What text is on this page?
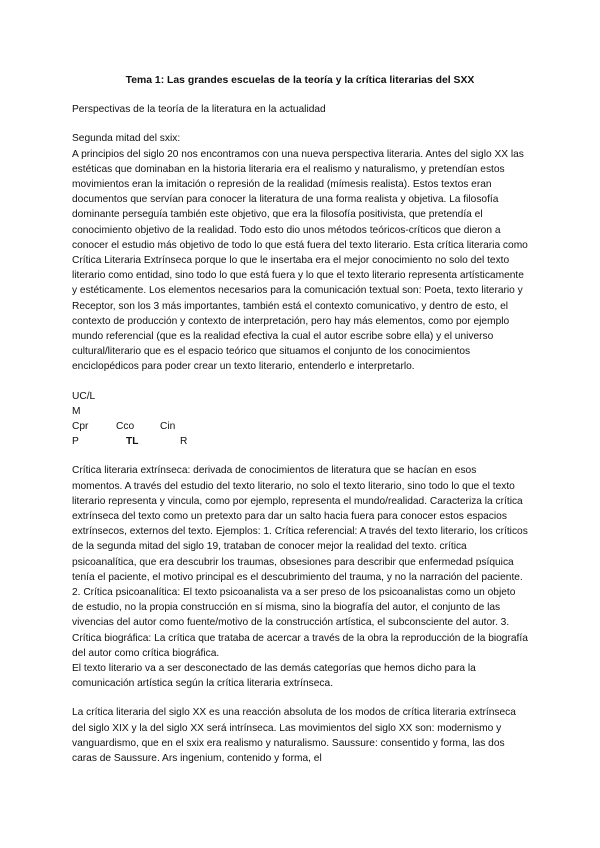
Tema 1: Las grandes escuelas de la teoría y la crítica literarias del SXX

Perspectivas de la teoría de la literatura en la actualidad

Segunda mitad del sxix:

A principios del siglo 20 nos encontramos con una nueva perspectiva literaria. Antes del siglo XX las estéticas que dominaban en la historia literaria era el realismo y naturalismo, y pretendían estos movimientos eran la imitación o represión de la realidad (mímesis realista). Estos textos eran documentos que servían para conocer la literatura de una forma realista y objetiva. La filosofía dominante perseguía también este objetivo, que era la filosofía positivista, que pretendía el conocimiento objetivo de la realidad. Todo esto dio unos métodos teóricos-críticos que dieron a conocer el estudio más objetivo de todo lo que está fuera del texto literario. Esta crítica literaria como Crítica Literaria Extrínseca porque lo que le insertaba era el mejor conocimiento no solo del texto literario como entidad, sino todo lo que está fuera y lo que el texto literario representa artísticamente y estéticamente. Los elementos necesarios para la comunicación textual son: Poeta, texto literario y Receptor, son los 3 más importantes, también está el contexto comunicativo, y dentro de esto, el contexto de producción y contexto de interpretación, pero hay más elementos, como por ejemplo mundo referencial (que es la realidad efectiva la cual el autor escribe sobre ella) y el universo cultural/literario que es el espacio teórico que situamos el conjunto de los conocimientos enciclopédicos para poder crear un texto literario, entenderlo e interpretarlo.

UC/L
M
Cpr	Cco	Cin
P	TL	R

Crítica literaria extrínseca: derivada de conocimientos de literatura que se hacían en esos momentos. A través del estudio del texto literario, no solo el texto literario, sino todo lo que el texto literario representa y vincula, como por ejemplo, representa el mundo/realidad. Caracteriza la crítica extrínseca del texto como un pretexto para dar un salto hacia fuera para conocer estos espacios extrínsecos, externos del texto. Ejemplos: 1. Crítica referencial: A través del texto literario, los críticos de la segunda mitad del siglo 19, trataban de conocer mejor la realidad del texto. crítica psicoanalítica, que era descubrir los traumas, obsesiones para describir que enfermedad psíquica tenía el paciente, el motivo principal es el descubrimiento del trauma, y no la narración del paciente. 2. Crítica psicoanalítica: El texto psicoanalista va a ser preso de los psicoanalistas como un objeto de estudio, no la propia construcción en sí misma, sino la biografía del autor, el conjunto de las vivencias del autor como fuente/motivo de la construcción artística, el subconsciente del autor. 3. Crítica biográfica: La crítica que trataba de acercar a través de la obra la reproducción de la biografía del autor como crítica biográfica.

El texto literario va a ser desconectado de las demás categorías que hemos dicho para la comunicación artística según la crítica literaria extrínseca.

La crítica literaria del siglo XX es una reacción absoluta de los modos de crítica literaria extrínseca del siglo XIX y la del siglo XX será intrínseca. Las movimientos del siglo XX son: modernismo y vanguardismo, que en el sxix era realismo y naturalismo. Saussure: consentido y forma, las dos caras de Saussure. Ars ingenium, contenido y forma, el
